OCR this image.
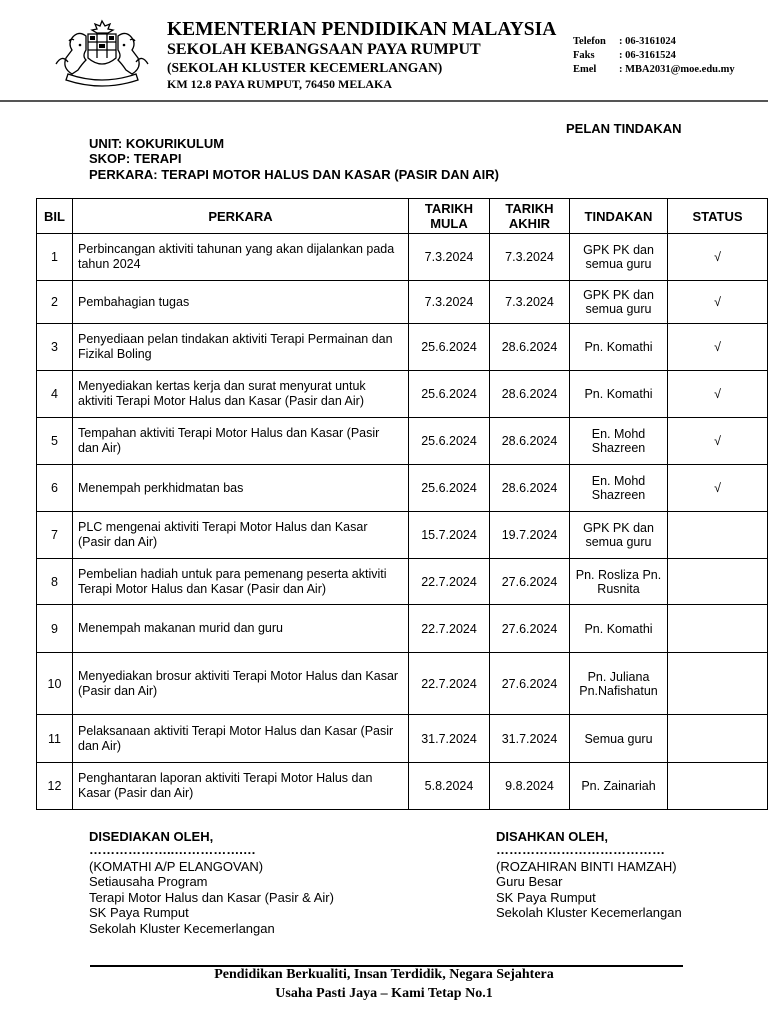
KEMENTERIAN PENDIDIKAN MALAYSIA
SEKOLAH KEBANGSAAN PAYA RUMPUT
(SEKOLAH KLUSTER KECEMERLANGAN)
KM 12.8 PAYA RUMPUT, 76450 MELAKA
Telefon	: 06-3161024
Faks	: 06-3161524
Emel	: MBA2031@moe.edu.my
PELAN TINDAKAN
UNIT: KOKURIKULUM
SKOP: TERAPI
PERKARA: TERAPI MOTOR HALUS DAN KASAR (PASIR DAN AIR)
BIL	PERKARA	TARIKH MULA	TARIKH AKHIR	TINDAKAN	STATUS
1	Perbincangan aktiviti tahunan yang akan dijalankan pada tahun 2024	7.3.2024	7.3.2024	GPK PK dan semua guru	√
2	Pembahagian tugas	7.3.2024	7.3.2024	GPK PK dan semua guru	√
3	Penyediaan pelan tindakan aktiviti Terapi Permainan dan Fizikal Boling	25.6.2024	28.6.2024	Pn. Komathi	√
4	Menyediakan kertas kerja dan surat menyurat untuk aktiviti Terapi Motor Halus dan Kasar (Pasir dan Air)	25.6.2024	28.6.2024	Pn. Komathi	√
5	Tempahan aktiviti Terapi Motor Halus dan Kasar (Pasir dan Air)	25.6.2024	28.6.2024	En. Mohd Shazreen	√
6	Menempah perkhidmatan bas	25.6.2024	28.6.2024	En. Mohd Shazreen	√
7	PLC mengenai aktiviti Terapi Motor Halus dan Kasar (Pasir dan Air)	15.7.2024	19.7.2024	GPK PK dan semua guru	
8	Pembelian hadiah untuk para pemenang peserta aktiviti Terapi Motor Halus dan Kasar (Pasir dan Air)	22.7.2024	27.6.2024	Pn. Rosliza Pn. Rusnita	
9	Menempah makanan murid dan guru	22.7.2024	27.6.2024	Pn. Komathi	
10	Menyediakan brosur aktiviti Terapi Motor Halus dan Kasar (Pasir dan Air)	22.7.2024	27.6.2024	Pn. Juliana Pn.Nafishatun	
11	Pelaksanaan aktiviti Terapi Motor Halus dan Kasar (Pasir dan Air)	31.7.2024	31.7.2024	Semua guru	
12	Penghantaran laporan aktiviti Terapi Motor Halus dan Kasar (Pasir dan Air)	5.8.2024	9.8.2024	Pn. Zainariah	
DISEDIAKAN OLEH,
………………..…………….…
(KOMATHI A/P ELANGOVAN)
Setiausaha Program
Terapi Motor Halus dan Kasar (Pasir & Air)
SK Paya Rumput
Sekolah Kluster Kecemerlangan
DISAHKAN OLEH,
…………………………………
(ROZAHIRAN BINTI HAMZAH)
Guru Besar
SK Paya Rumput
Sekolah Kluster Kecemerlangan
Pendidikan Berkualiti, Insan Terdidik, Negara Sejahtera
Usaha Pasti Jaya – Kami Tetap No.1
